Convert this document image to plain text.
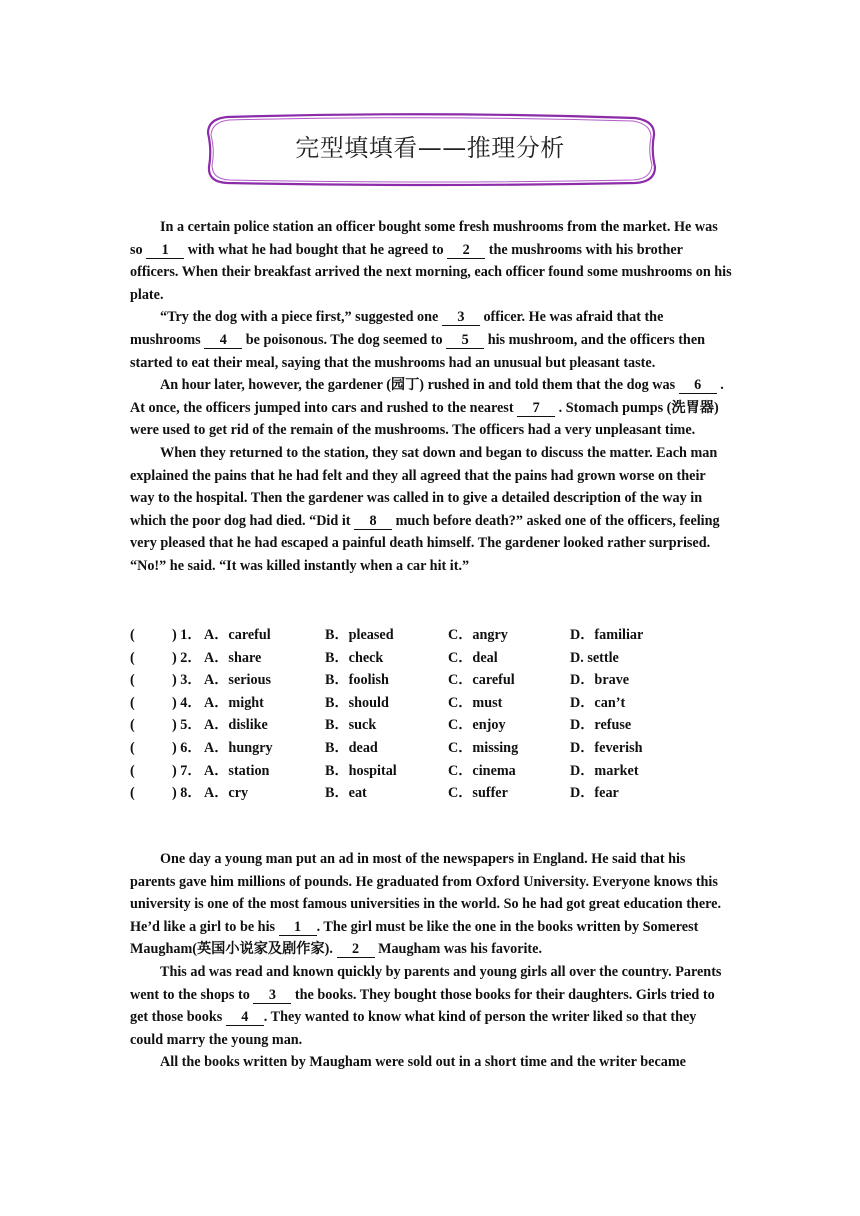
完型填填看——推理分析

In a certain police station an officer bought some fresh mushrooms from the market. He was so 1 with what he had bought that he agreed to 2 the mushrooms with his brother officers. When their breakfast arrived the next morning, each officer found some mushrooms on his plate.

“Try the dog with a piece first,” suggested one 3 officer. He was afraid that the mushrooms 4 be poisonous. The dog seemed to 5 his mushroom, and the officers then started to eat their meal, saying that the mushrooms had an unusual but pleasant taste.

An hour later, however, the gardener (园丁) rushed in and told them that the dog was 6 . At once, the officers jumped into cars and rushed to the nearest 7 . Stomach pumps (洗胃器) were used to get rid of the remain of the mushrooms. The officers had a very unpleasant time.

When they returned to the station, they sat down and began to discuss the matter. Each man explained the pains that he had felt and they all agreed that the pains had grown worse on their way to the hospital. Then the gardener was called in to give a detailed description of the way in which the poor dog had died. “Did it 8 much before death?” asked one of the officers, feeling very pleased that he had escaped a painful death himself. The gardener looked rather surprised. “No!” he said. “It was killed instantly when a car hit it.”

(	) 1． A．careful	B．pleased	C．angry	D．familiar
(	) 2． A．share	B．check	C．deal	D. settle
(	) 3． A．serious	B．foolish	C．careful	D．brave
(	) 4． A．might	B．should	C．must	D．can’t
(	) 5． A．dislike	B．suck	C．enjoy	D．refuse
(	) 6． A．hungry	B．dead	C．missing	D．feverish
(	) 7． A．station	B．hospital	C．cinema	D．market
(	) 8． A．cry	B．eat	C．suffer	D．fear

One day a young man put an ad in most of the newspapers in England. He said that his parents gave him millions of pounds. He graduated from Oxford University. Everyone knows this university is one of the most famous universities in the world. So he had got great education there. He’d like a girl to be his 1 . The girl must be like the one in the books written by Somerest Maugham(英国小说家及剧作家). 2 Maugham was his favorite.

This ad was read and known quickly by parents and young girls all over the country. Parents went to the shops to 3 the books. They bought those books for their daughters. Girls tried to get those books 4 . They wanted to know what kind of person the writer liked so that they could marry the young man.

All the books written by Maugham were sold out in a short time and the writer became
